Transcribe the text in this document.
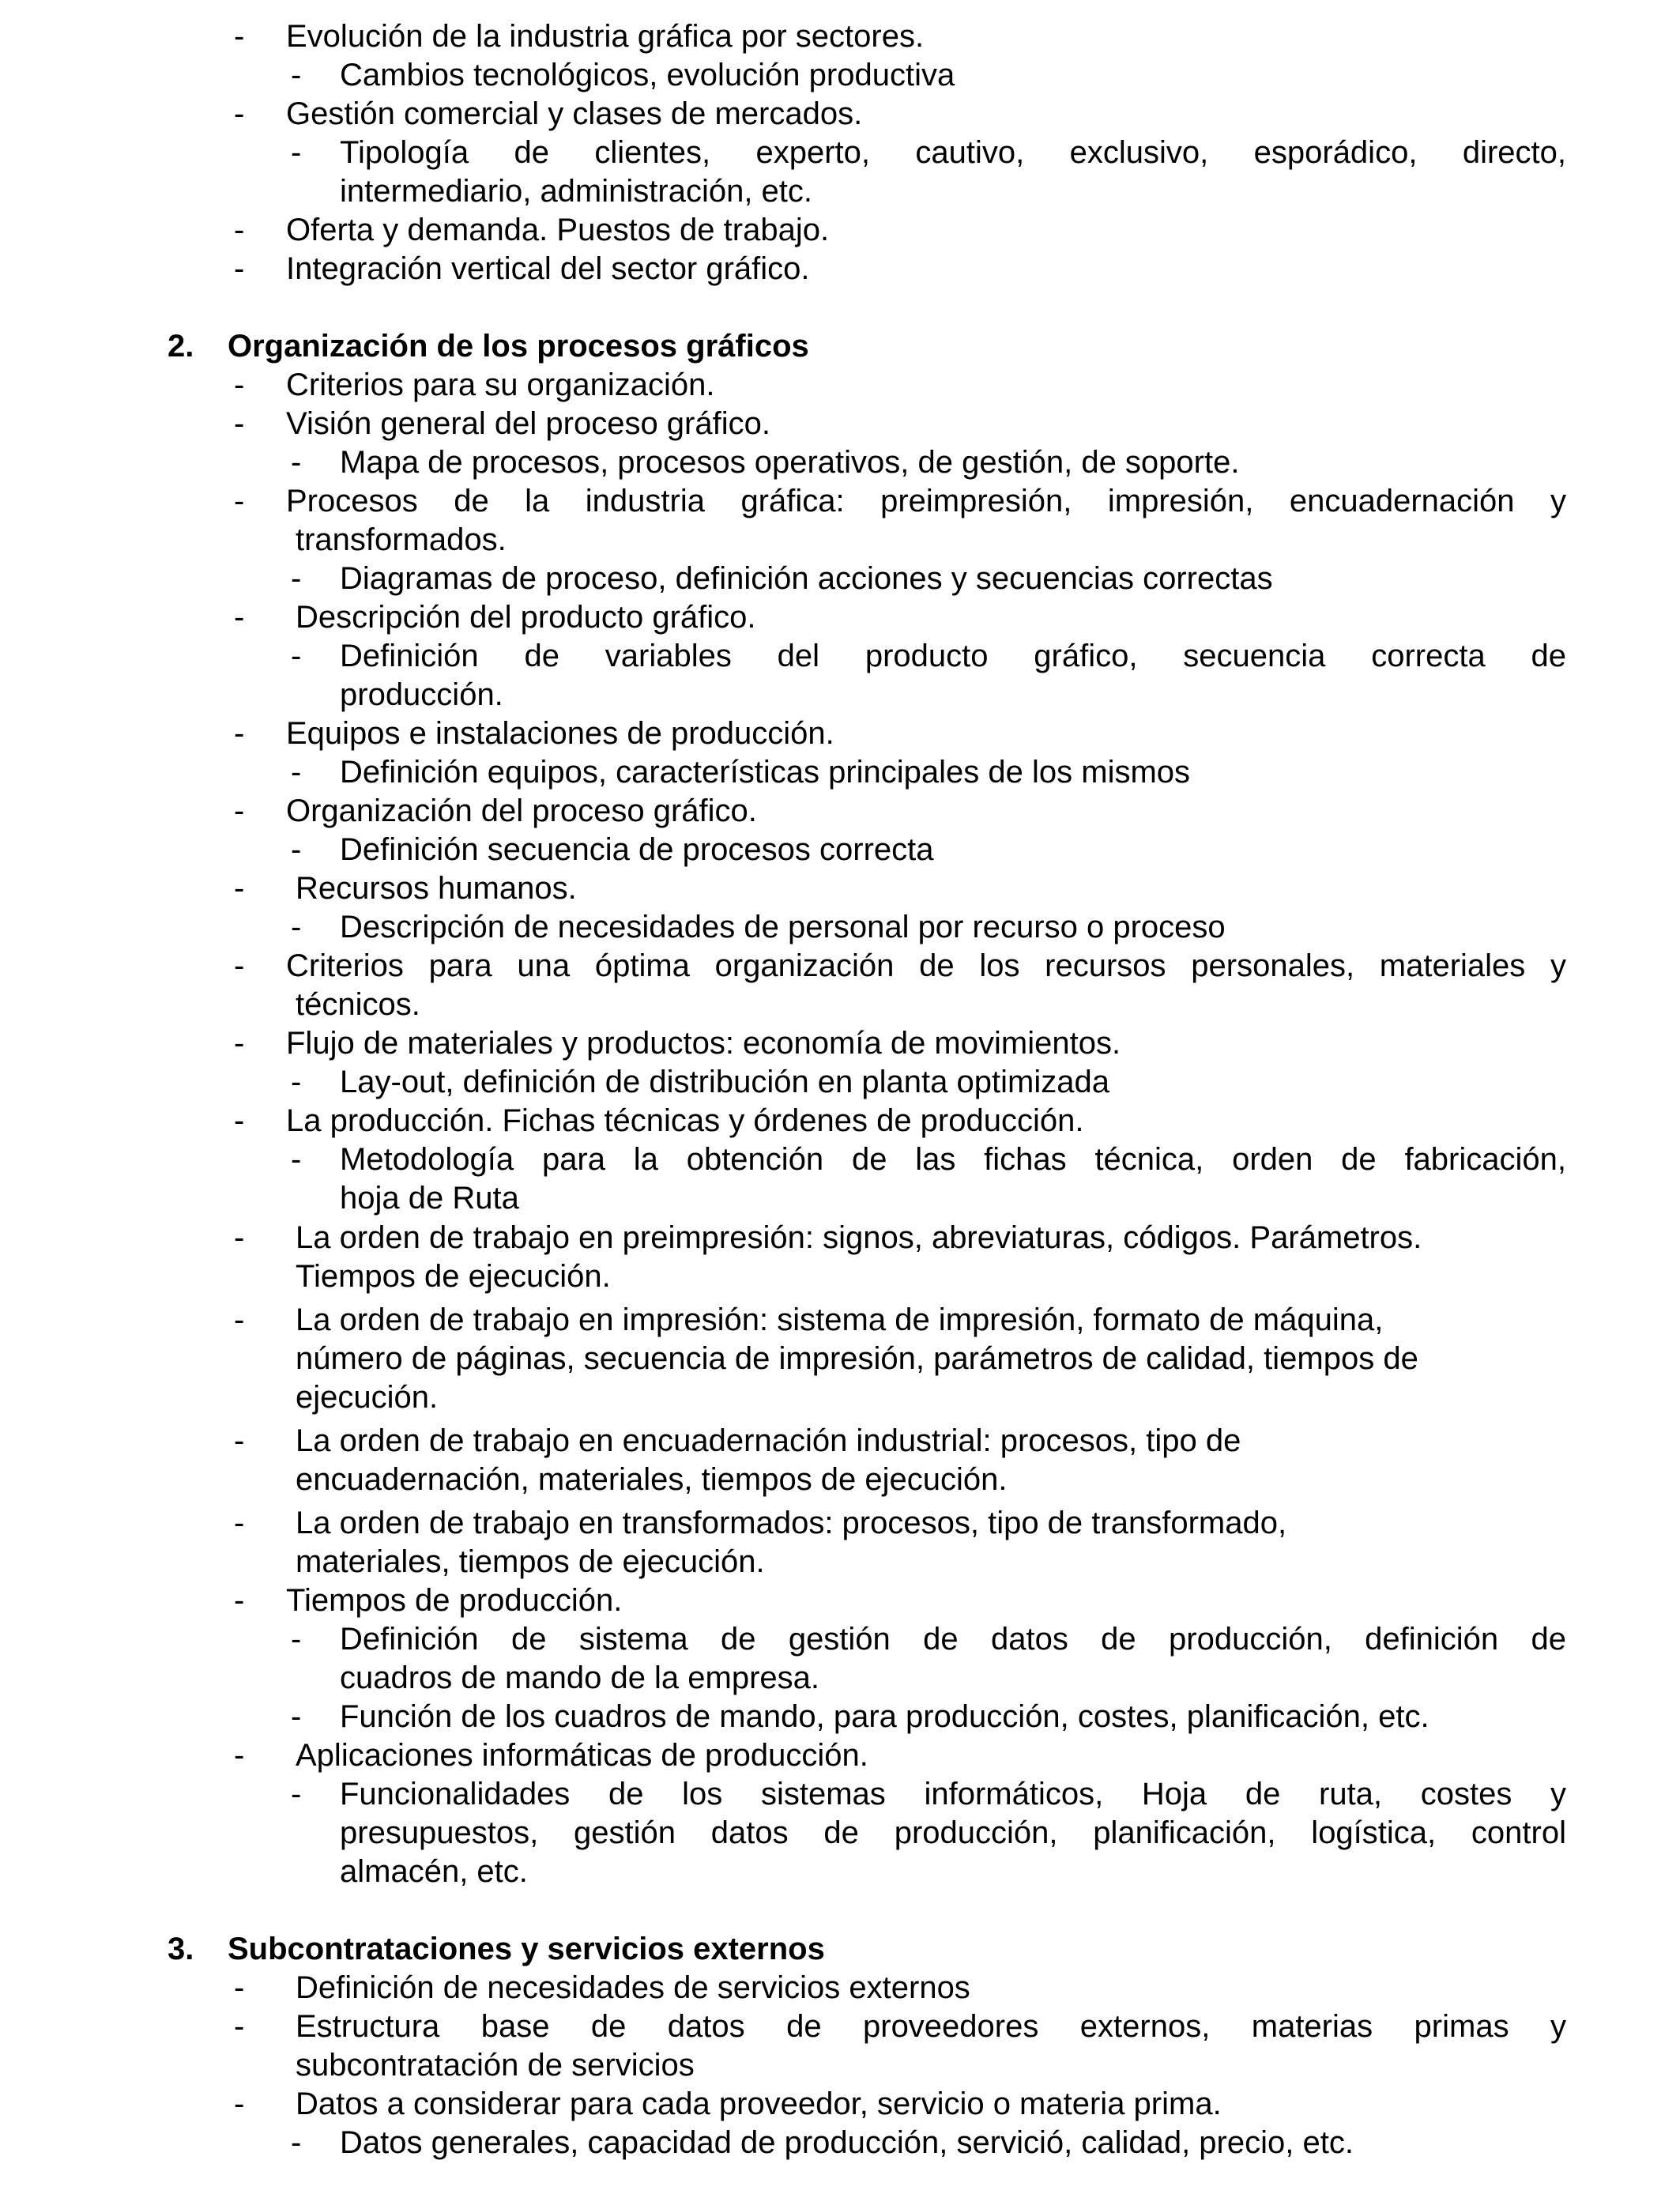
- Evolución de la industria gráfica por sectores.
- Cambios tecnológicos, evolución productiva
- Gestión comercial y clases de mercados.
- Tipología de clientes, experto, cautivo, exclusivo, esporádico, directo,
intermediario, administración, etc.
- Oferta y demanda. Puestos de trabajo.
- Integración vertical del sector gráfico.
2. Organización de los procesos gráficos
- Criterios para su organización.
- Visión general del proceso gráfico.
- Mapa de procesos, procesos operativos, de gestión, de soporte.
- Procesos de la industria gráfica: preimpresión, impresión, encuadernación y
transformados.
- Diagramas de proceso, definición acciones y secuencias correctas
- Descripción del producto gráfico.
- Definición de variables del producto gráfico, secuencia correcta de
producción.
- Equipos e instalaciones de producción.
- Definición equipos, características principales de los mismos
- Organización del proceso gráfico.
- Definición secuencia de procesos correcta
- Recursos humanos.
- Descripción de necesidades de personal por recurso o proceso
- Criterios para una óptima organización de los recursos personales, materiales y
técnicos.
- Flujo de materiales y productos: economía de movimientos.
- Lay-out, definición de distribución en planta optimizada
- La producción. Fichas técnicas y órdenes de producción.
- Metodología para la obtención de las fichas técnica, orden de fabricación,
hoja de Ruta
- La orden de trabajo en preimpresión: signos, abreviaturas, códigos. Parámetros.
Tiempos de ejecución.
- La orden de trabajo en impresión: sistema de impresión, formato de máquina,
número de páginas, secuencia de impresión, parámetros de calidad, tiempos de
ejecución.
- La orden de trabajo en encuadernación industrial: procesos, tipo de
encuadernación, materiales, tiempos de ejecución.
- La orden de trabajo en transformados: procesos, tipo de transformado,
materiales, tiempos de ejecución.
- Tiempos de producción.
- Definición de sistema de gestión de datos de producción, definición de
cuadros de mando de la empresa.
- Función de los cuadros de mando, para producción, costes, planificación, etc.
- Aplicaciones informáticas de producción.
- Funcionalidades de los sistemas informáticos, Hoja de ruta, costes y
presupuestos, gestión datos de producción, planificación, logística, control
almacén, etc.
3. Subcontrataciones y servicios externos
- Definición de necesidades de servicios externos
- Estructura base de datos de proveedores externos, materias primas y
subcontratación de servicios
- Datos a considerar para cada proveedor, servicio o materia prima.
- Datos generales, capacidad de producción, servició, calidad, precio, etc.
